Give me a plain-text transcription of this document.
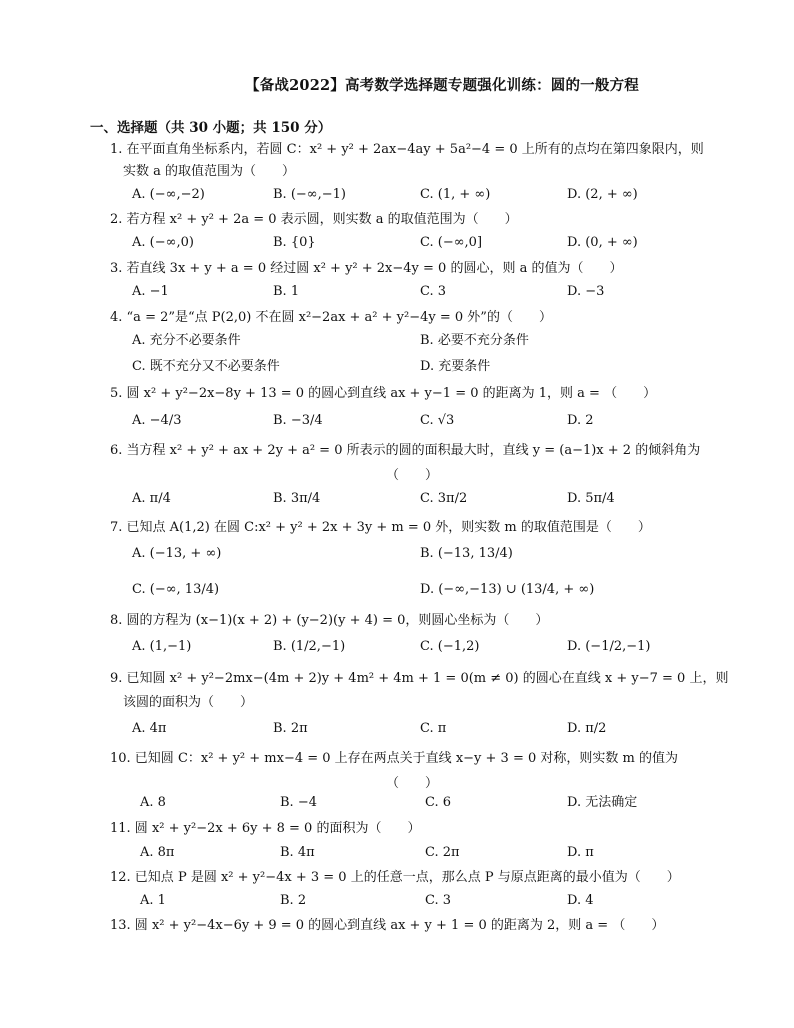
【备战2022】高考数学选择题专题强化训练：圆的一般方程
一、选择题（共 30 小题；共 150 分）
1. 在平面直角坐标系内，若圆 C：x² + y² + 2ax−4ay + 5a²−4 = 0 上所有的点均在第四象限内，则
实数 a 的取值范围为（　　）
A. (−∞,−2)	B. (−∞,−1)	C. (1, + ∞)	D. (2, + ∞)
2. 若方程 x² + y² + 2a = 0 表示圆，则实数 a 的取值范围为（　　）
A. (−∞,0)	B. {0}	C. (−∞,0]	D. (0, + ∞)
3. 若直线 3x + y + a = 0 经过圆 x² + y² + 2x−4y = 0 的圆心，则 a 的值为（　　）
A. −1	B. 1	C. 3	D. −3
4. “a = 2”是“点 P(2,0) 不在圆 x²−2ax + a² + y²−4y = 0 外”的（　　）
A. 充分不必要条件	B. 必要不充分条件
C. 既不充分又不必要条件	D. 充要条件
5. 圆 x² + y²−2x−8y + 13 = 0 的圆心到直线 ax + y−1 = 0 的距离为 1，则 a = （　　）
A. −4/3	B. −3/4	C. √3	D. 2
6. 当方程 x² + y² + ax + 2y + a² = 0 所表示的圆的面积最大时，直线 y = (a−1)x + 2 的倾斜角为
（　　）
A. π/4	B. 3π/4	C. 3π/2	D. 5π/4
7. 已知点 A(1,2) 在圆 C:x² + y² + 2x + 3y + m = 0 外，则实数 m 的取值范围是（　　）
A. (−13, + ∞)	B. (−13, 13/4)
C. (−∞, 13/4)	D. (−∞,−13) ∪ (13/4, + ∞)
8. 圆的方程为 (x−1)(x + 2) + (y−2)(y + 4) = 0，则圆心坐标为（　　）
A. (1,−1)	B. (1/2,−1)	C. (−1,2)	D. (−1/2,−1)
9. 已知圆 x² + y²−2mx−(4m + 2)y + 4m² + 4m + 1 = 0(m ≠ 0) 的圆心在直线 x + y−7 = 0 上，则
该圆的面积为（　　）
A. 4π	B. 2π	C. π	D. π/2
10. 已知圆 C：x² + y² + mx−4 = 0 上存在两点关于直线 x−y + 3 = 0 对称，则实数 m 的值为
（　　）
A. 8	B. −4	C. 6	D. 无法确定
11. 圆 x² + y²−2x + 6y + 8 = 0 的面积为（　　）
A. 8π	B. 4π	C. 2π	D. π
12. 已知点 P 是圆 x² + y²−4x + 3 = 0 上的任意一点，那么点 P 与原点距离的最小值为（　　）
A. 1	B. 2	C. 3	D. 4
13. 圆 x² + y²−4x−6y + 9 = 0 的圆心到直线 ax + y + 1 = 0 的距离为 2，则 a = （　　）
